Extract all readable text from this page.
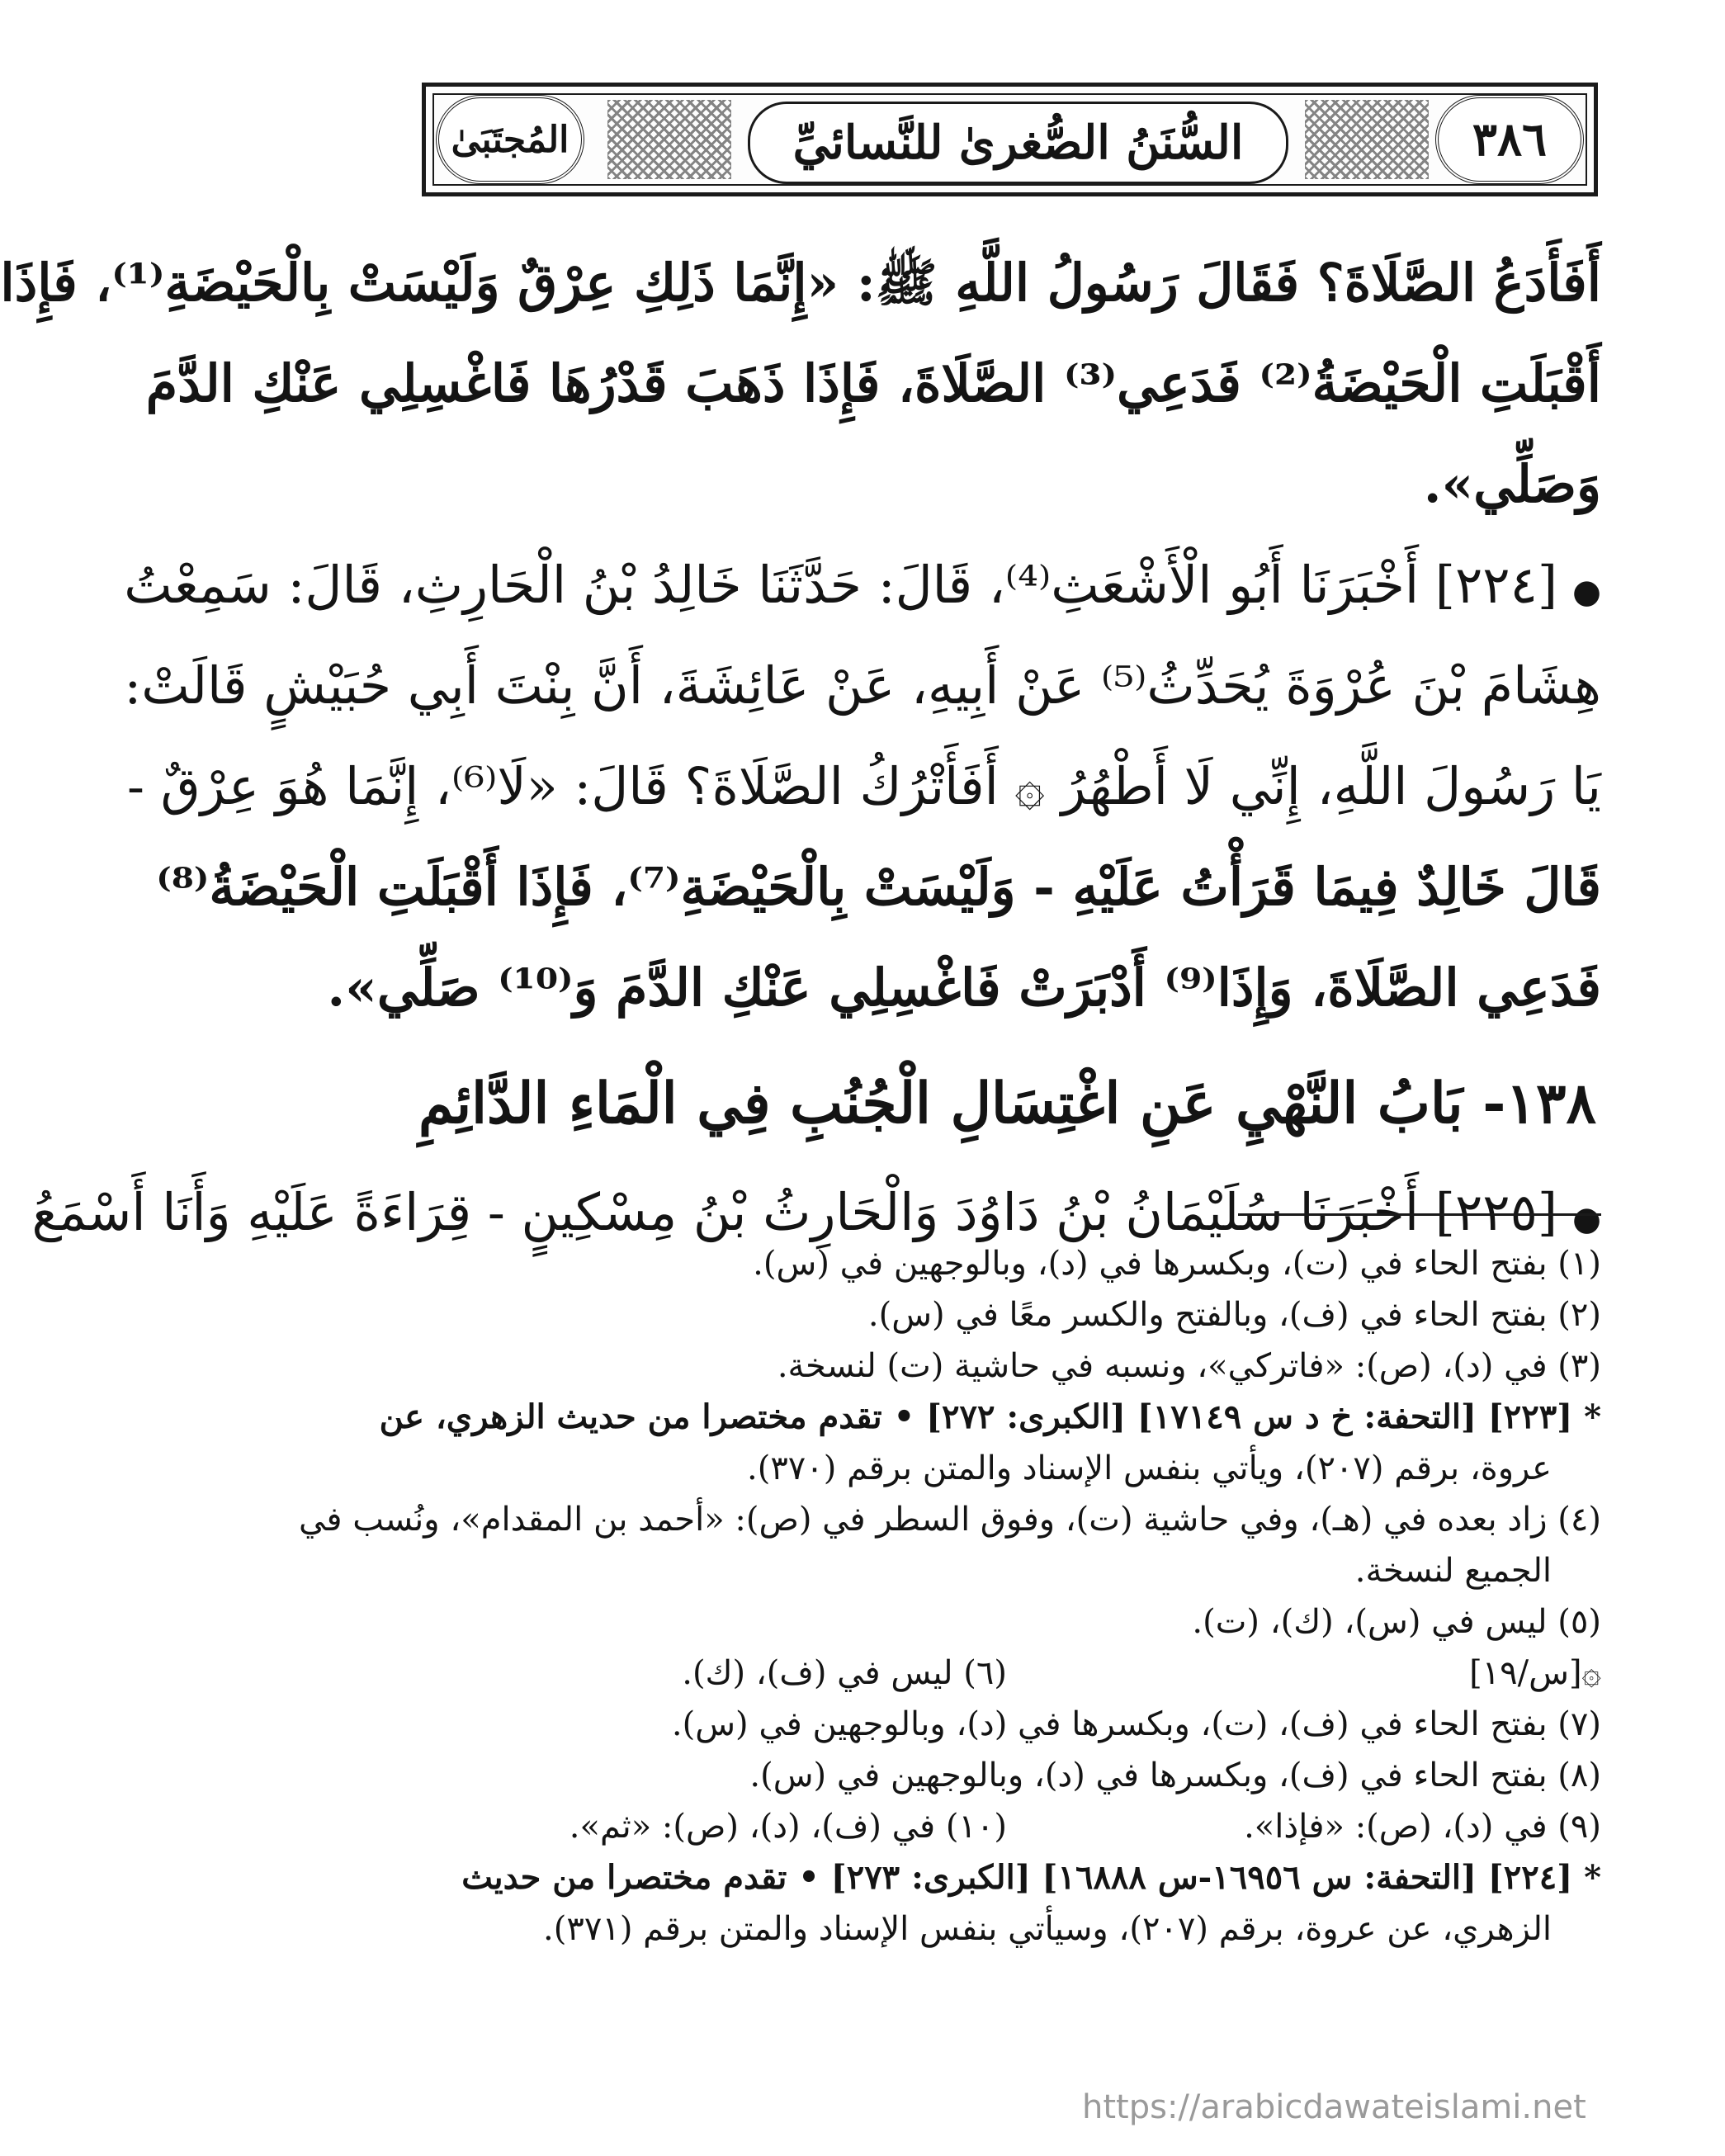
٣٨٦
السُّنَنُ الصُّغرىٰ للنَّسائيِّ
المُجتَبَىٰ
أَفَأَدَعُ الصَّلَاةَ؟ فَقَالَ رَسُولُ اللَّهِ ﷺ: «إِنَّمَا ذَلِكِ عِرْقٌ وَلَيْسَتْ بِالْحَيْضَةِ⁽¹⁾، فَإِذَا
أَقْبَلَتِ الْحَيْضَةُ⁽²⁾ فَدَعِي⁽³⁾ الصَّلَاةَ، فَإِذَا ذَهَبَ قَدْرُهَا فَاغْسِلِي عَنْكِ الدَّمَ
وَصَلِّي».
●[٢٢٤] أَخْبَرَنَا أَبُو الْأَشْعَثِ⁽⁴⁾، قَالَ: حَدَّثَنَا خَالِدُ بْنُ الْحَارِثِ، قَالَ: سَمِعْتُ
هِشَامَ بْنَ عُرْوَةَ يُحَدِّثُ⁽⁵⁾ عَنْ أَبِيهِ، عَنْ عَائِشَةَ، أَنَّ بِنْتَ أَبِي حُبَيْشٍ قَالَتْ:
يَا رَسُولَ اللَّهِ، إِنِّي لَا أَطْهُرُ ۞ أَفَأَتْرُكُ الصَّلَاةَ؟ قَالَ: «لَا⁽⁶⁾، إِنَّمَا هُوَ عِرْقٌ -
قَالَ خَالِدٌ فِيمَا قَرَأْتُ عَلَيْهِ - وَلَيْسَتْ بِالْحَيْضَةِ⁽⁷⁾، فَإِذَا أَقْبَلَتِ الْحَيْضَةُ⁽⁸⁾
فَدَعِي الصَّلَاةَ، وَإِذَا⁽⁹⁾ أَدْبَرَتْ فَاغْسِلِي عَنْكِ الدَّمَ وَ⁽¹⁰⁾ صَلِّي».
١٣٨- بَابُ النَّهْيِ عَنِ اغْتِسَالِ الْجُنُبِ فِي الْمَاءِ الدَّائِمِ
●[٢٢٥] أَخْبَرَنَا سُلَيْمَانُ بْنُ دَاوُدَ وَالْحَارِثُ بْنُ مِسْكِينٍ - قِرَاءَةً عَلَيْهِ وَأَنَا أَسْمَعُ
(١) بفتح الحاء في (ت)، وبكسرها في (د)، وبالوجهين في (س).
(٢) بفتح الحاء في (ف)، وبالفتح والكسر معًا في (س).
(٣) في (د)، (ص): «فاتركي»، ونسبه في حاشية (ت) لنسخة.
* [٢٢٣] [التحفة: خ د س ١٧١٤٩] [الكبرى: ٢٧٢] • تقدم مختصرا من حديث الزهري، عن
عروة، برقم (٢٠٧)، ويأتي بنفس الإسناد والمتن برقم (٣٧٠).
(٤) زاد بعده في (هـ)، وفي حاشية (ت)، وفوق السطر في (ص): «أحمد بن المقدام»، ونُسب في
الجميع لنسخة.
(٥) ليس في (س)، (ك)، (ت).
۞[س/١٩]
(٦) ليس في (ف)، (ك).
(٧) بفتح الحاء في (ف)، (ت)، وبكسرها في (د)، وبالوجهين في (س).
(٨) بفتح الحاء في (ف)، وبكسرها في (د)، وبالوجهين في (س).
(٩) في (د)، (ص): «فإذا».
(١٠) في (ف)، (د)، (ص): «ثم».
* [٢٢٤] [التحفة: س ١٦٩٥٦-س ١٦٨٨٨] [الكبرى: ٢٧٣] • تقدم مختصرا من حديث
الزهري، عن عروة، برقم (٢٠٧)، وسيأتي بنفس الإسناد والمتن برقم (٣٧١).
https://arabicdawateislami.net
